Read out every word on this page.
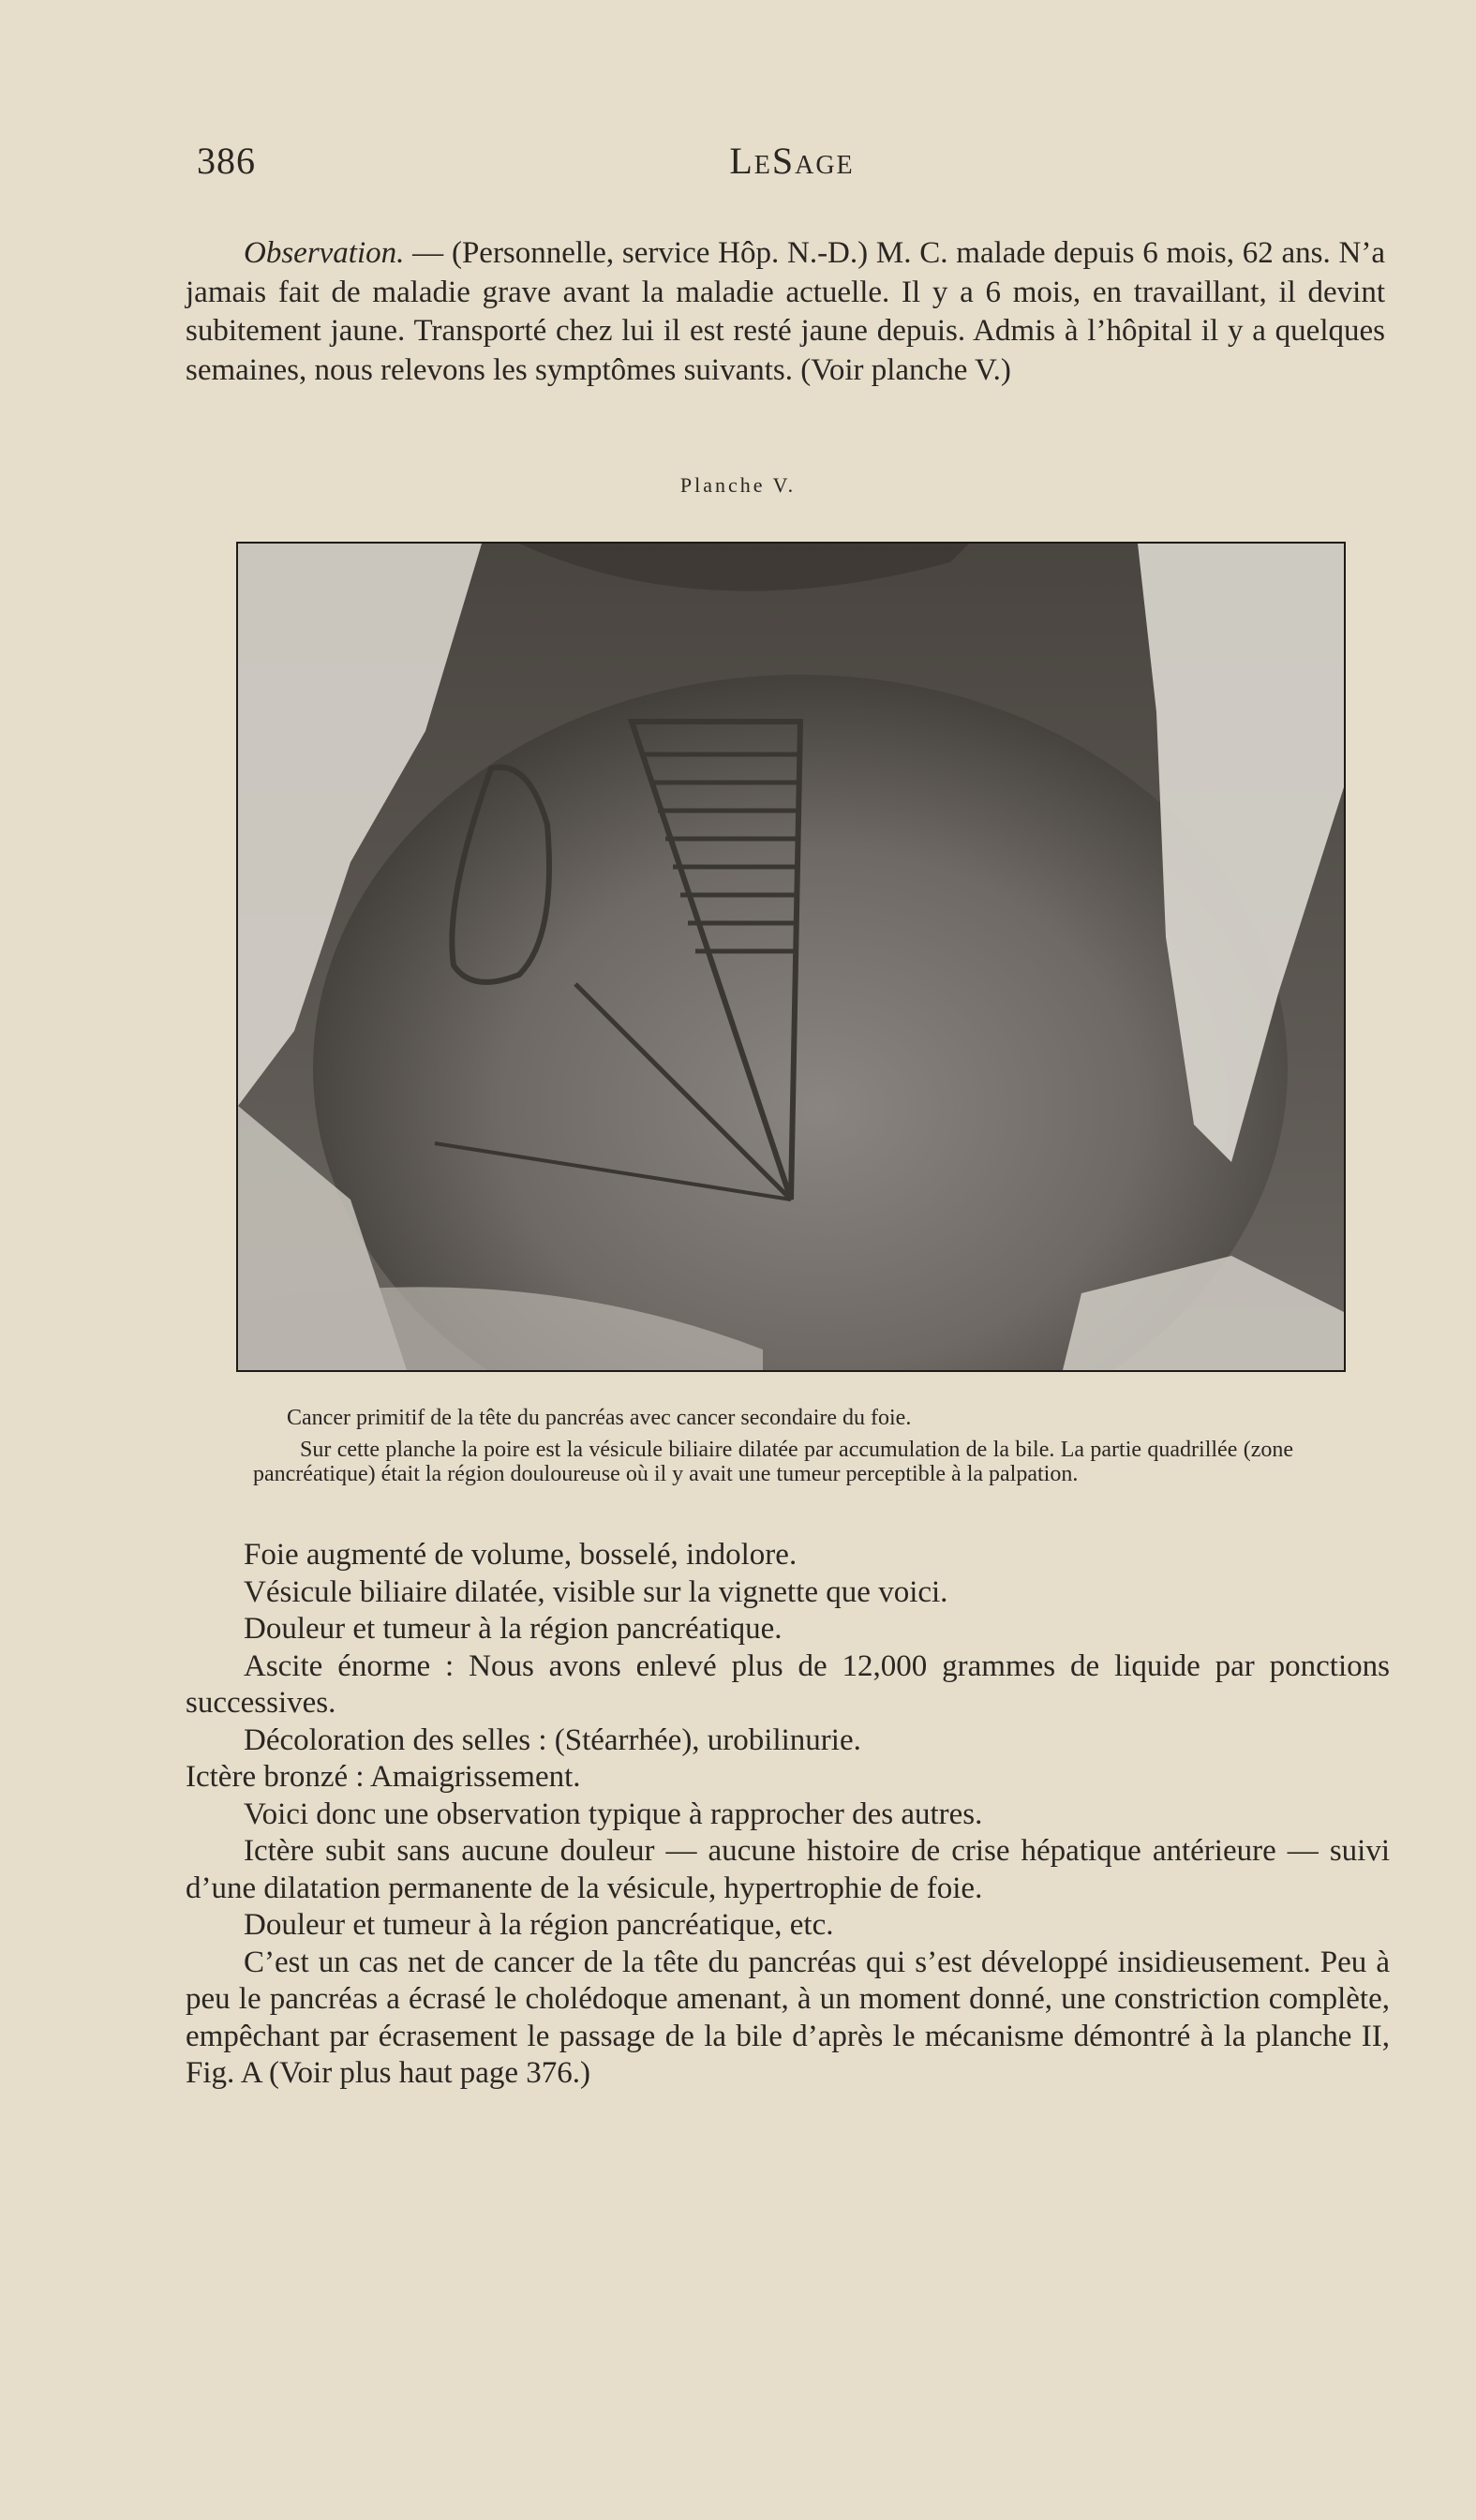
386	LeSage

Observation. — (Personnelle, service Hôp. N.-D.) M. C. malade depuis 6 mois, 62 ans. N’a jamais fait de maladie grave avant la maladie actuelle. Il y a 6 mois, en travaillant, il devint subitement jaune. Transporté chez lui il est resté jaune depuis. Admis à l’hôpital il y a quelques semaines, nous relevons les symptômes suivants. (Voir planche V.)

Planche V.

Cancer primitif de la tête du pancréas avec cancer secondaire du foie.

Sur cette planche la poire est la vésicule biliaire dilatée par accumulation de la bile. La partie quadrillée (zone pancréatique) était la région douloureuse où il y avait une tumeur perceptible à la palpation.

Foie augmenté de volume, bosselé, indolore.

Vésicule biliaire dilatée, visible sur la vignette que voici.

Douleur et tumeur à la région pancréatique.

Ascite énorme : Nous avons enlevé plus de 12,000 grammes de liquide par ponctions successives.

Décoloration des selles : (Stéarrhée), urobilinurie.

Ictère bronzé : Amaigrissement.

Voici donc une observation typique à rapprocher des autres.

Ictère subit sans aucune douleur — aucune histoire de crise hépatique antérieure — suivi d’une dilatation permanente de la vésicule, hypertrophie de foie.

Douleur et tumeur à la région pancréatique, etc.

C’est un cas net de cancer de la tête du pancréas qui s’est développé insidieusement. Peu à peu le pancréas a écrasé le cholédoque amenant, à un moment donné, une constriction complète, empêchant par écrasement le passage de la bile d’après le mécanisme démontré à la planche II, Fig. A (Voir plus haut page 376.)
